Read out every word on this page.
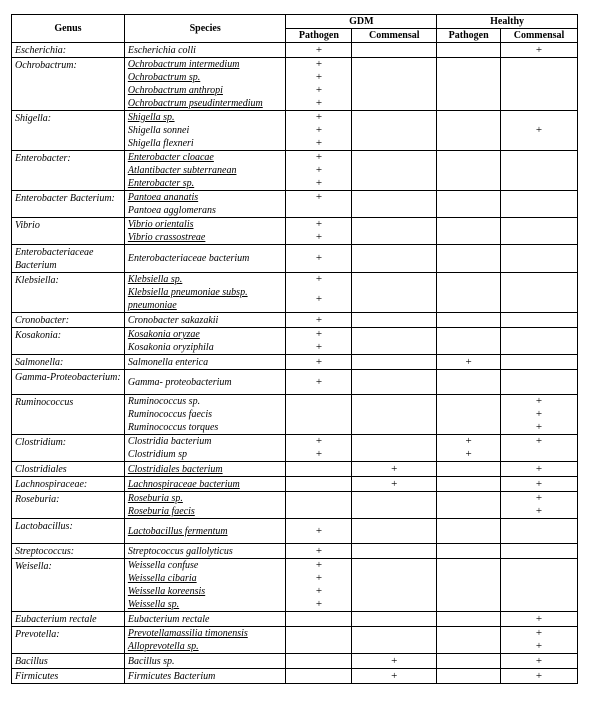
Genus	Species	GDM		Healthy	
		Pathogen	Commensal	Pathogen	Commensal
Escherichia:	Escherichia colli	+			+
Ochrobactrum:	Ochrobactrum intermedium	+			
	Ochrobactrum sp.	+			
	Ochrobactrum anthropi	+			
	Ochrobactrum pseudintermedium	+			
Shigella:	Shigella sp.	+			
	Shigella sonnei	+			+
	Shigella flexneri	+			
Enterobacter:	Enterobacter cloacae	+			
	Atlantibacter subterranean	+			
	Enterobacter sp.	+			
Enterobacter Bacterium:	Pantoea ananatis	+			
	Pantoea agglomerans				
Vibrio	Vibrio orientalis	+			
	Vibrio crassostreae	+			
Enterobacteriaceae Bacterium	Enterobacteriaceae bacterium	+			
Klebsiella:	Klebsiella sp.	+			
	Klebsiella pneumoniae subsp. pneumoniae	+			
Cronobacter:	Cronobacter sakazakii	+			
Kosakonia:	Kosakonia oryzae	+			
	Kosakonia oryziphila	+			
Salmonella:	Salmonella enterica	+		+	
Gamma-Proteobacterium:	Gamma- proteobacterium	+			
Ruminococcus	Ruminococcus sp.				+
	Ruminococcus faecis				+
	Ruminococcus torques				+
Clostridium:	Clostridia bacterium	+		+	+
	Clostridium sp	+		+	
Clostridiales	Clostridiales bacterium		+		+
Lachnospiraceae:	Lachnospiraceae bacterium		+		+
Roseburia:	Roseburia sp.				+
	Roseburia faecis				+
Lactobacillus:	Lactobacillus fermentum	+			
Streptococcus:	Streptococcus gallolyticus	+			
Weisella:	Weissella confuse	+			
	Weissella cibaria	+			
	Weissella koreensis	+			
	Weissella sp.	+			
Eubacterium rectale	Eubacterium rectale				+
Prevotella:	Prevotellamassilia timonensis				+
	Alloprevotella sp.				+
Bacillus	Bacillus sp.		+		+
Firmicutes	Firmicutes Bacterium		+		+
